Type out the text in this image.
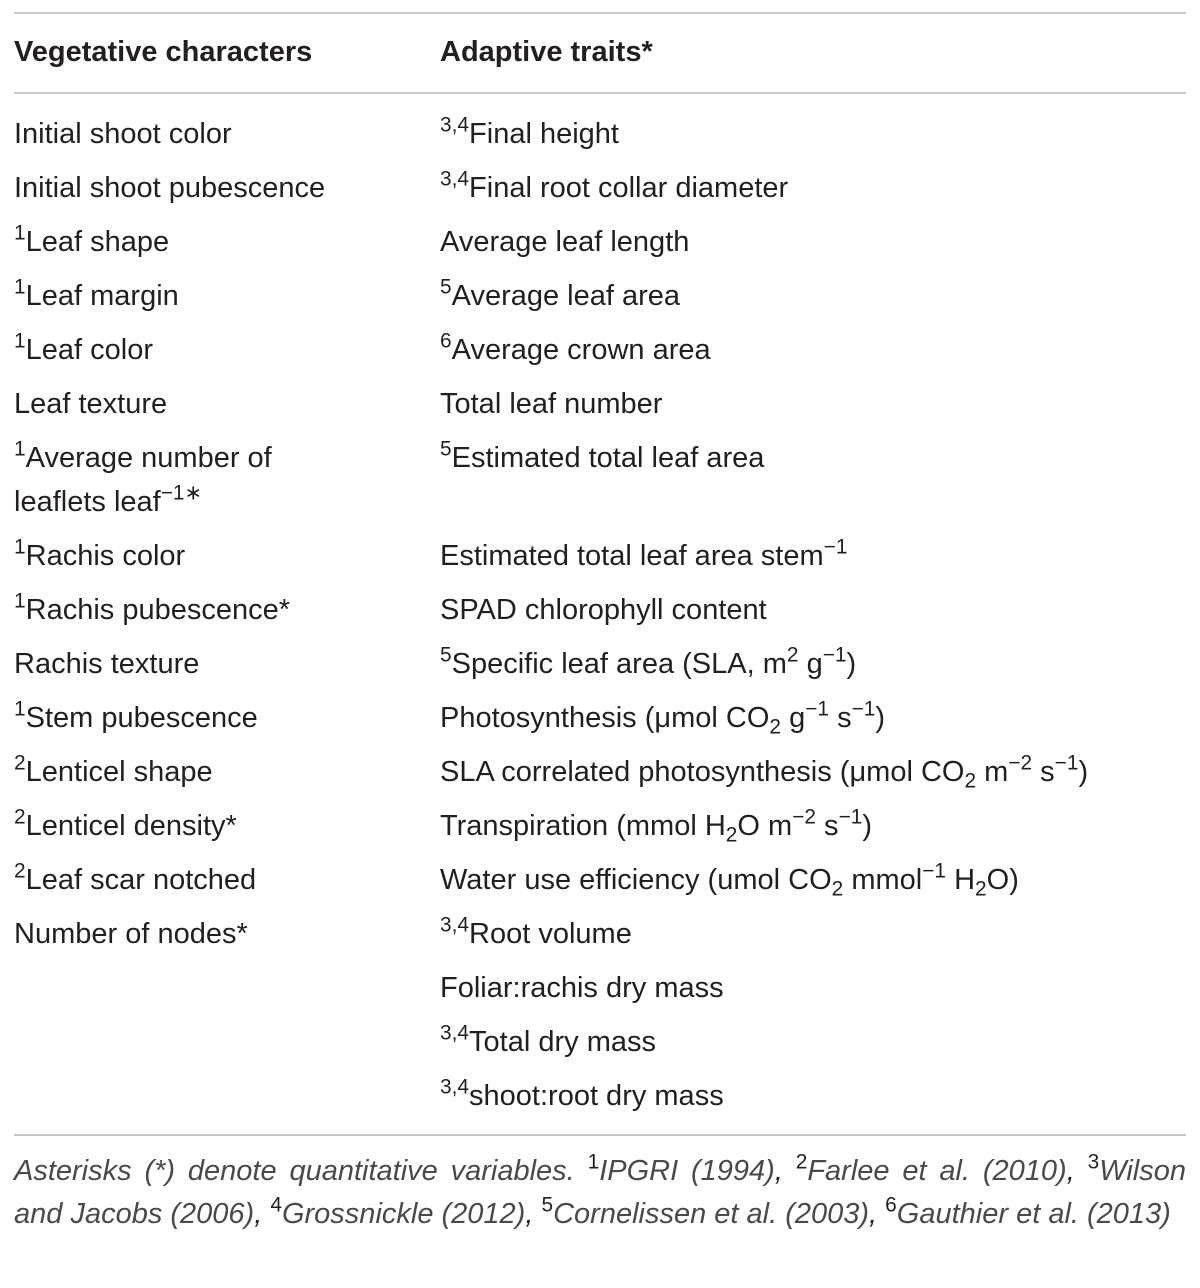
Vegetative characters	Adaptive traits*
Initial shoot color
Initial shoot pubescence
$^1$Leaf shape
$^1$Leaf margin
$^1$Leaf color
Leaf texture
$^1$Average number of
leaflets leaf$^{-1∗}$
$^1$Rachis color
$^1$Rachis pubescence*
Rachis texture
$^1$Stem pubescence
$^2$Lenticel shape
$^2$Lenticel density*
$^2$Leaf scar notched
Number of nodes*
$^{3,4}$Final height
$^{3,4}$Final root collar diameter
Average leaf length
$^5$Average leaf area
$^6$Average crown area
Total leaf number
$^5$Estimated total leaf area
Estimated total leaf area stem$^{-1}$
SPAD chlorophyll content
$^5$Specific leaf area (SLA, $m^2$ $g^{-1}$)
Photosynthesis (μmol $CO_2$ $g^{-1}$ $s^{-1}$)
SLA correlated photosynthesis (μmol $CO_2$ $m^{-2}$ $s^{-1}$)
Transpiration (mmol $H_2O$ $m^{-2}$ $s^{-1}$)
Water use efficiency (umol $CO_2$ mmol$^{-1}$ $H_2O$)
$^{3,4}$Root volume
Foliar:rachis dry mass
$^{3,4}$Total dry mass
$^{3,4}$shoot:root dry mass
Asterisks (*) denote quantitative variables. $^1$IPGRI (1994), $^2$Farlee et al. (2010), $^3$Wilson and Jacobs (2006), $^4$Grossnickle (2012), $^5$Cornelissen et al. (2003), $^6$Gauthier et al. (2013)
